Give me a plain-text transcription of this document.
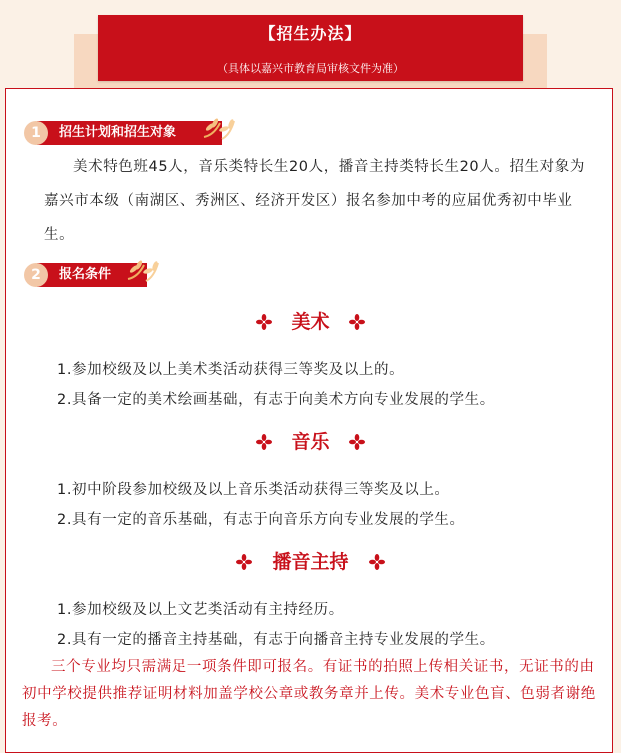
【招生办法】
（具体以嘉兴市教育局审核文件为准）
招生计划和招生对象
1

美术特色班45人，音乐类特长生20人，播音主持类特长生20人。招生对象为嘉兴市本级（南湖区、秀洲区、经济开发区）报名参加中考的应届优秀初中毕业生。

报名条件
2
美术
1.参加校级及以上美术类活动获得三等奖及以上的。
2.具备一定的美术绘画基础，有志于向美术方向专业发展的学生。
音乐
1.初中阶段参加校级及以上音乐类活动获得三等奖及以上。
2.具有一定的音乐基础，有志于向音乐方向专业发展的学生。
播音主持
1.参加校级及以上文艺类活动有主持经历。
2.具有一定的播音主持基础，有志于向播音主持专业发展的学生。

三个专业均只需满足一项条件即可报名。有证书的拍照上传相关证书，无证书的由初中学校提供推荐证明材料加盖学校公章或教务章并上传。美术专业色盲、色弱者谢绝报考。
